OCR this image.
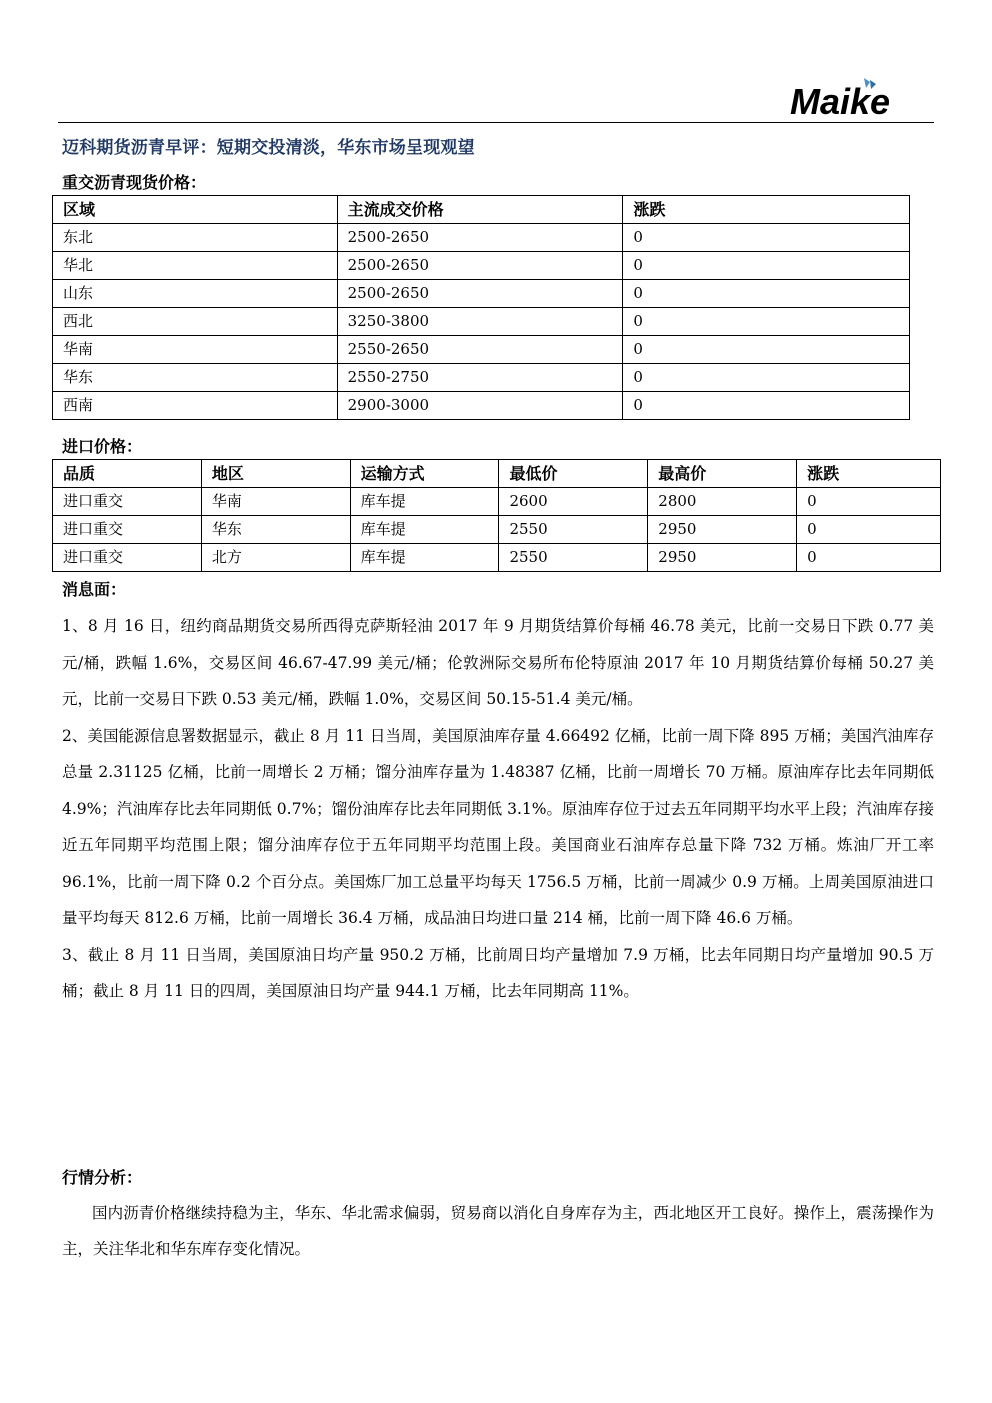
Maike
迈科期货沥青早评：短期交投清淡，华东市场呈现观望
重交沥青现货价格：
区域	主流成交价格	涨跌
东北	2500-2650	0
华北	2500-2650	0
山东	2500-2650	0
西北	3250-3800	0
华南	2550-2650	0
华东	2550-2750	0
西南	2900-3000	0
进口价格：
品质	地区	运输方式	最低价	最高价	涨跌
进口重交	华南	库车提	2600	2800	0
进口重交	华东	库车提	2550	2950	0
进口重交	北方	库车提	2550	2950	0
消息面：

1、8 月 16 日，纽约商品期货交易所西得克萨斯轻油 2017 年 9 月期货结算价每桶 46.78 美元，比前一交易日下跌 0.77 美元/桶，跌幅 1.6%，交易区间 46.67-47.99 美元/桶；伦敦洲际交易所布伦特原油 2017 年 10 月期货结算价每桶 50.27 美元，比前一交易日下跌 0.53 美元/桶，跌幅 1.0%，交易区间 50.15-51.4 美元/桶。

2、美国能源信息署数据显示，截止 8 月 11 日当周，美国原油库存量 4.66492 亿桶，比前一周下降 895 万桶；美国汽油库存总量 2.31125 亿桶，比前一周增长 2 万桶；馏分油库存量为 1.48387 亿桶，比前一周增长 70 万桶。原油库存比去年同期低 4.9%；汽油库存比去年同期低 0.7%；馏份油库存比去年同期低 3.1%。原油库存位于过去五年同期平均水平上段；汽油库存接近五年同期平均范围上限；馏分油库存位于五年同期平均范围上段。美国商业石油库存总量下降 732 万桶。炼油厂开工率 96.1%，比前一周下降 0.2 个百分点。美国炼厂加工总量平均每天 1756.5 万桶，比前一周减少 0.9 万桶。上周美国原油进口量平均每天 812.6 万桶，比前一周增长 36.4 万桶，成品油日均进口量 214 桶，比前一周下降 46.6 万桶。

3、截止 8 月 11 日当周，美国原油日均产量 950.2 万桶，比前周日均产量增加 7.9 万桶，比去年同期日均产量增加 90.5 万桶；截止 8 月 11 日的四周，美国原油日均产量 944.1 万桶，比去年同期高 11%。

行情分析：
国内沥青价格继续持稳为主，华东、华北需求偏弱，贸易商以消化自身库存为主，西北地区开工良好。操作上，震荡操作为主，关注华北和华东库存变化情况。
